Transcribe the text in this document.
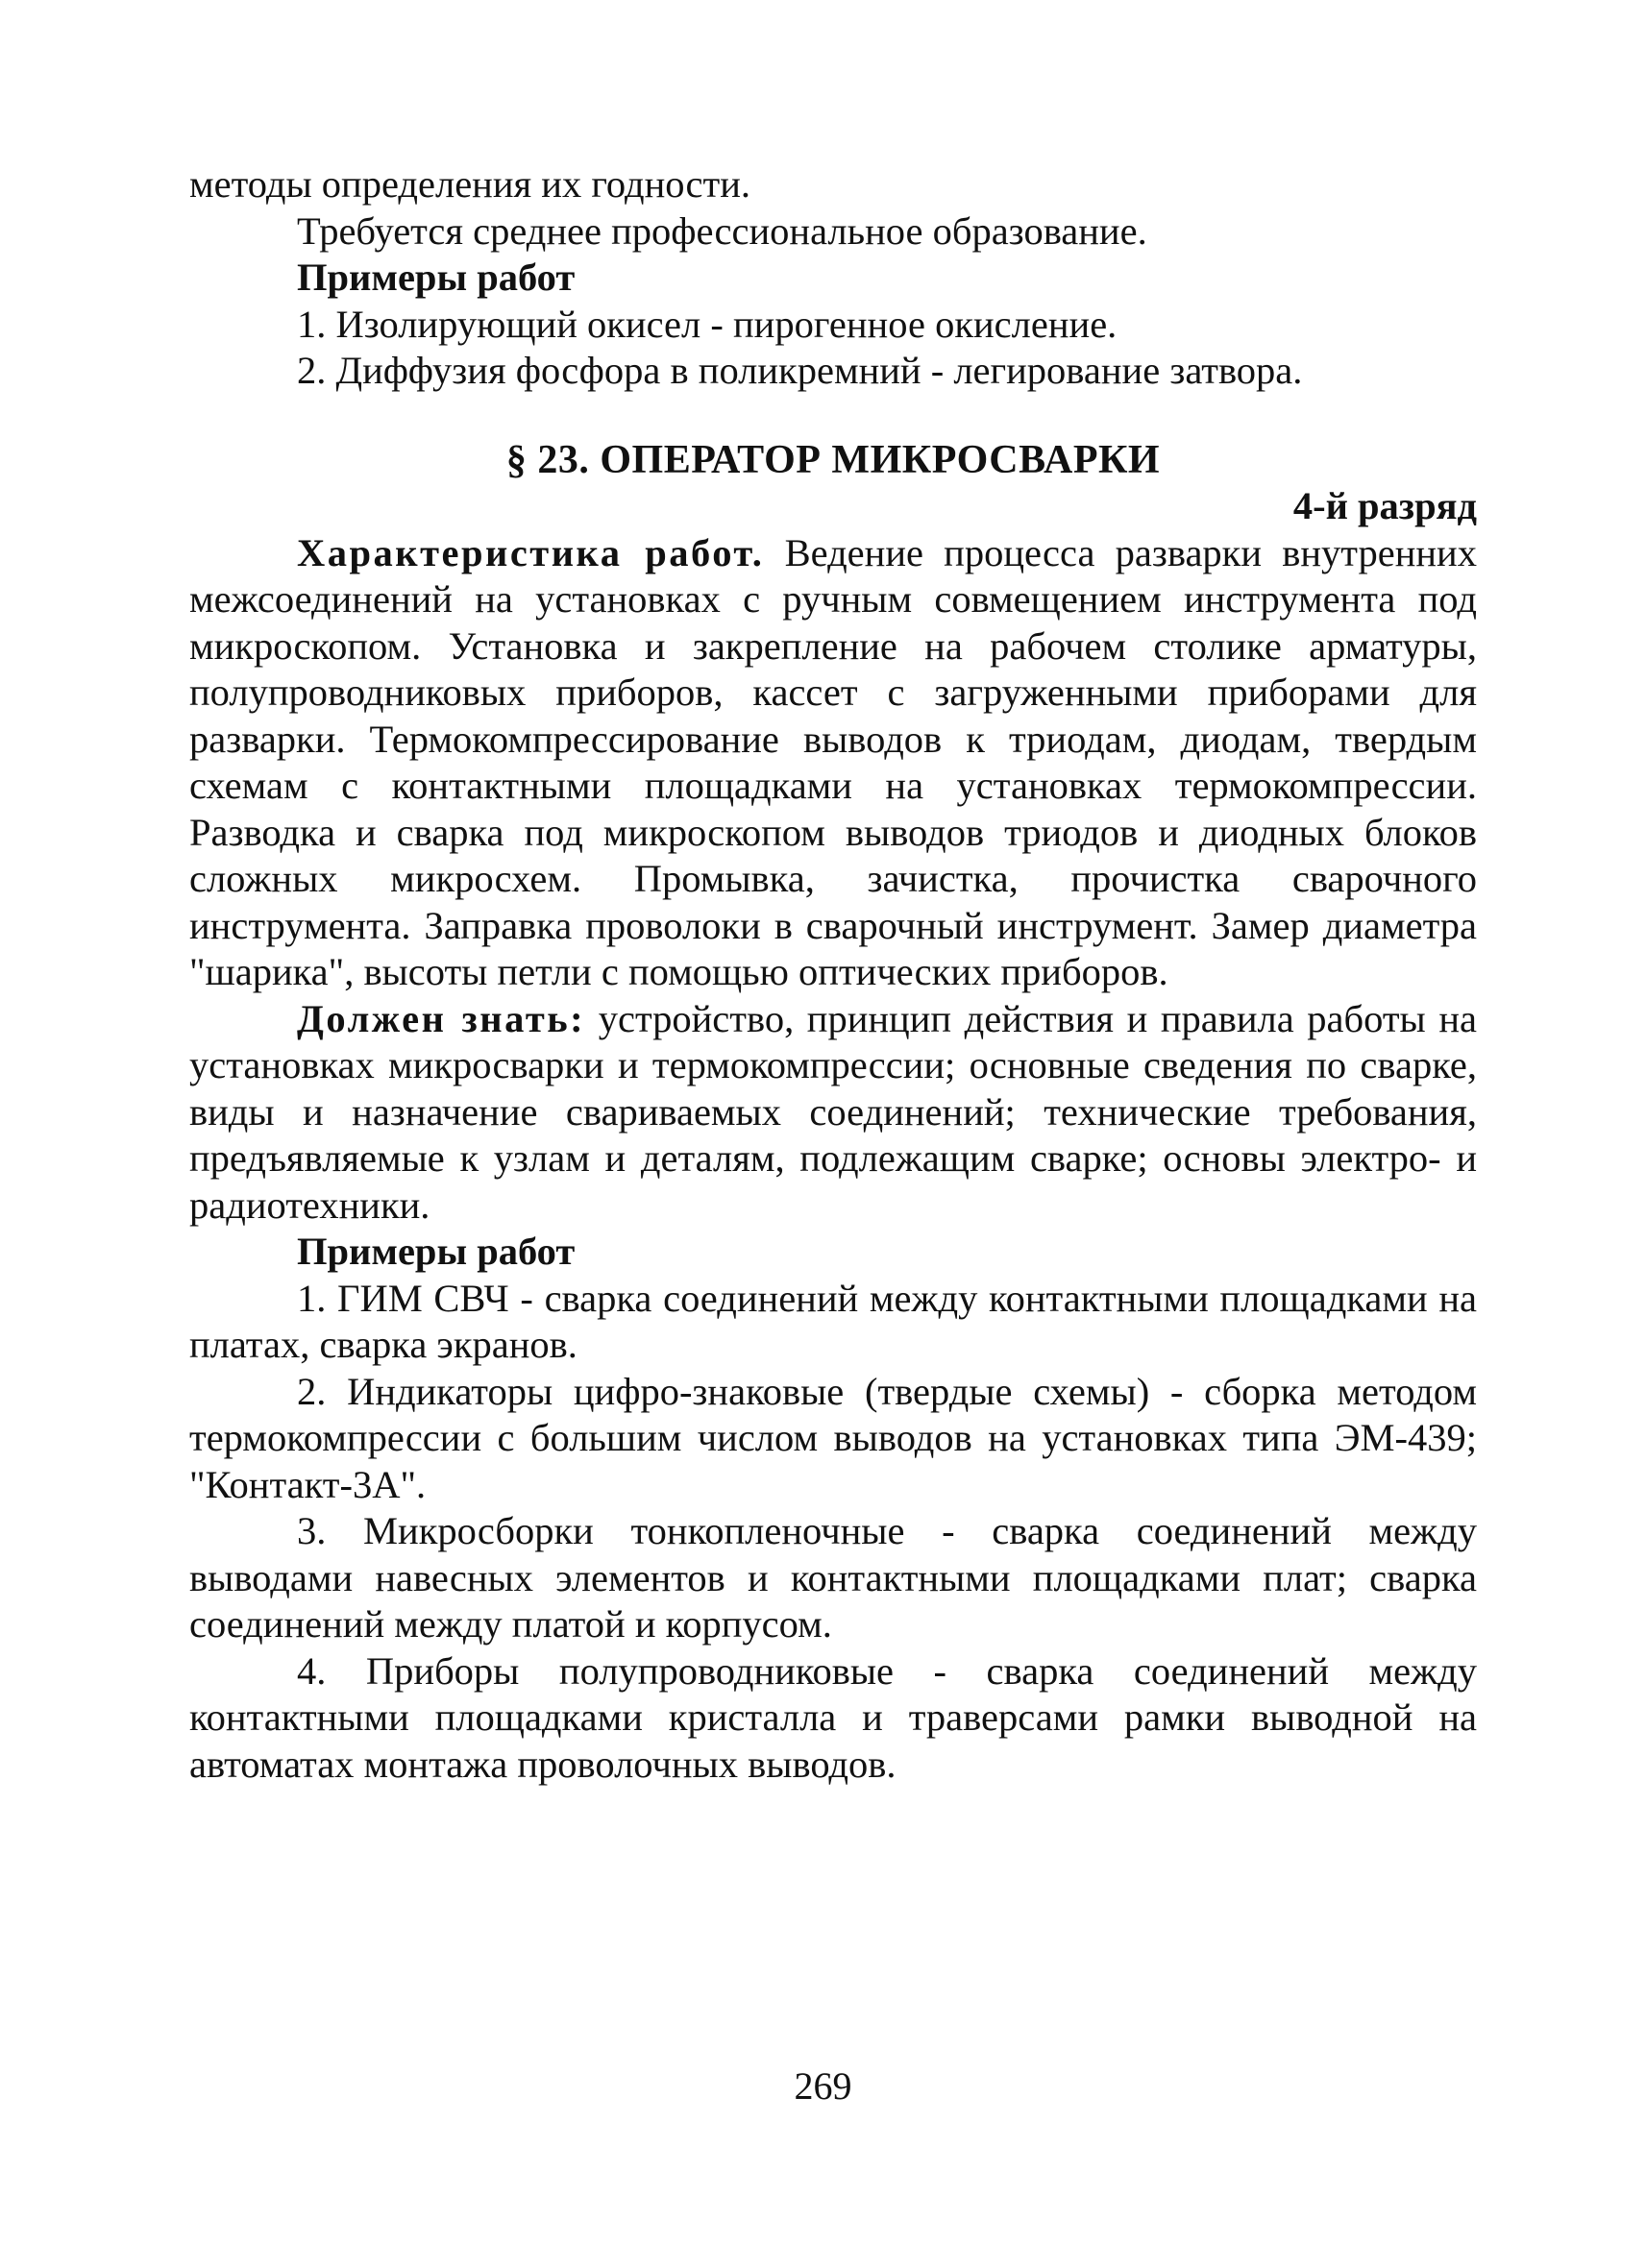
методы определения их годности.

Требуется среднее профессиональное образование.

Примеры работ

1. Изолирующий окисел - пирогенное окисление.

2. Диффузия фосфора в поликремний - легирование затвора.

§ 23. ОПЕРАТОР МИКРОСВАРКИ

4-й разряд

Характеристика работ. Ведение процесса разварки внутренних межсоединений на установках с ручным совмещением инструмента под микроскопом. Установка и закрепление на рабочем столике арматуры, полупроводниковых приборов, кассет с загруженными приборами для разварки. Термокомпрессирование выводов к триодам, диодам, твердым схемам с контактными площадками на установках термокомпрессии. Разводка и сварка под микроскопом выводов триодов и диодных блоков сложных микросхем. Промывка, зачистка, прочистка сварочного инструмента. Заправка проволоки в сварочный инструмент. Замер диаметра "шарика", высоты петли с помощью оптических приборов.

Должен знать: устройство, принцип действия и правила работы на установках микросварки и термокомпрессии; основные сведения по сварке, виды и назначение свариваемых соединений; технические требования, предъявляемые к узлам и деталям, подлежащим сварке; основы электро- и радиотехники.

Примеры работ

1. ГИМ СВЧ - сварка соединений между контактными площадками на платах, сварка экранов.

2. Индикаторы цифро-знаковые (твердые схемы) - сборка методом термокомпрессии с большим числом выводов на установках типа ЭМ-439; "Контакт-3А".

3. Микросборки тонкопленочные - сварка соединений между выводами навесных элементов и контактными площадками плат; сварка соединений между платой и корпусом.

4. Приборы полупроводниковые - сварка соединений между контактными площадками кристалла и траверсами рамки выводной на автоматах монтажа проволочных выводов.

269
